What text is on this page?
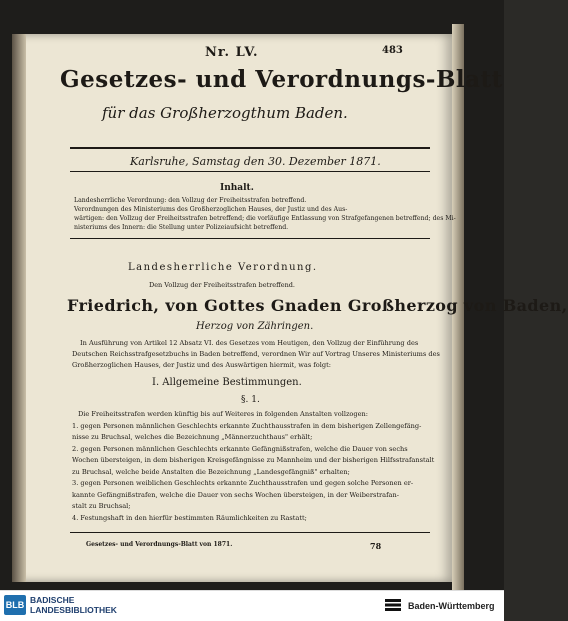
Nr. LV.	483
Gesetzes- und Verordnungs-Blatt
für das Großherzogthum Baden.
Karlsruhe, Samstag den 30. Dezember 1871.
Inhalt.
Landesherrliche Verordnung: den Vollzug der Freiheitsstrafen betreffend.
Verordnungen des Ministeriums des Großherzoglichen Hauses, der Justiz und des Aus-
wärtigen: den Vollzug der Freiheitsstrafen betreffend; die vorläufige Entlassung von Strafgefangenen betreffend; des Mi-
nisteriums des Innern: die Stellung unter Polizeiaufsicht betreffend.
Landesherrliche Verordnung.
Den Vollzug der Freiheitsstrafen betreffend.
Friedrich, von Gottes Gnaden Großherzog von Baden,
Herzog von Zähringen.
In Ausführung von Artikel 12 Absatz VI. des Gesetzes vom Heutigen, den Vollzug der Einführung des
Deutschen Reichsstrafgesetzbuchs in Baden betreffend, verordnen Wir auf Vortrag Unseres Ministeriums des
Großherzoglichen Hauses, der Justiz und des Auswärtigen hiermit, was folgt:
I. Allgemeine Bestimmungen.
§. 1.
Die Freiheitsstrafen werden künftig bis auf Weiteres in folgenden Anstalten vollzogen:
1. gegen Personen männlichen Geschlechts erkannte Zuchthausstrafen in dem bisherigen Zellengefäng-
nisse zu Bruchsal, welches die Bezeichnung „Männerzuchthaus" erhält;
2. gegen Personen männlichen Geschlechts erkannte Gefängnißstrafen, welche die Dauer von sechs
Wochen übersteigen, in dem bisherigen Kreisgefängnisse zu Mannheim und der bisherigen Hilfsstrafanstalt
zu Bruchsal, welche beide Anstalten die Bezeichnung „Landesgefängniß" erhalten;
3. gegen Personen weiblichen Geschlechts erkannte Zuchthausstrafen und gegen solche Personen er-
kannte Gefängnißstrafen, welche die Dauer von sechs Wochen übersteigen, in der Weiberstrafan-
stalt zu Bruchsal;
4. Festungshaft in den hierfür bestimmten Räumlichkeiten zu Rastatt;
Gesetzes- und Verordnungs-Blatt von 1871.	78
BLB BADISCHE
LANDESBIBLIOTHEK	Baden-Württemberg
